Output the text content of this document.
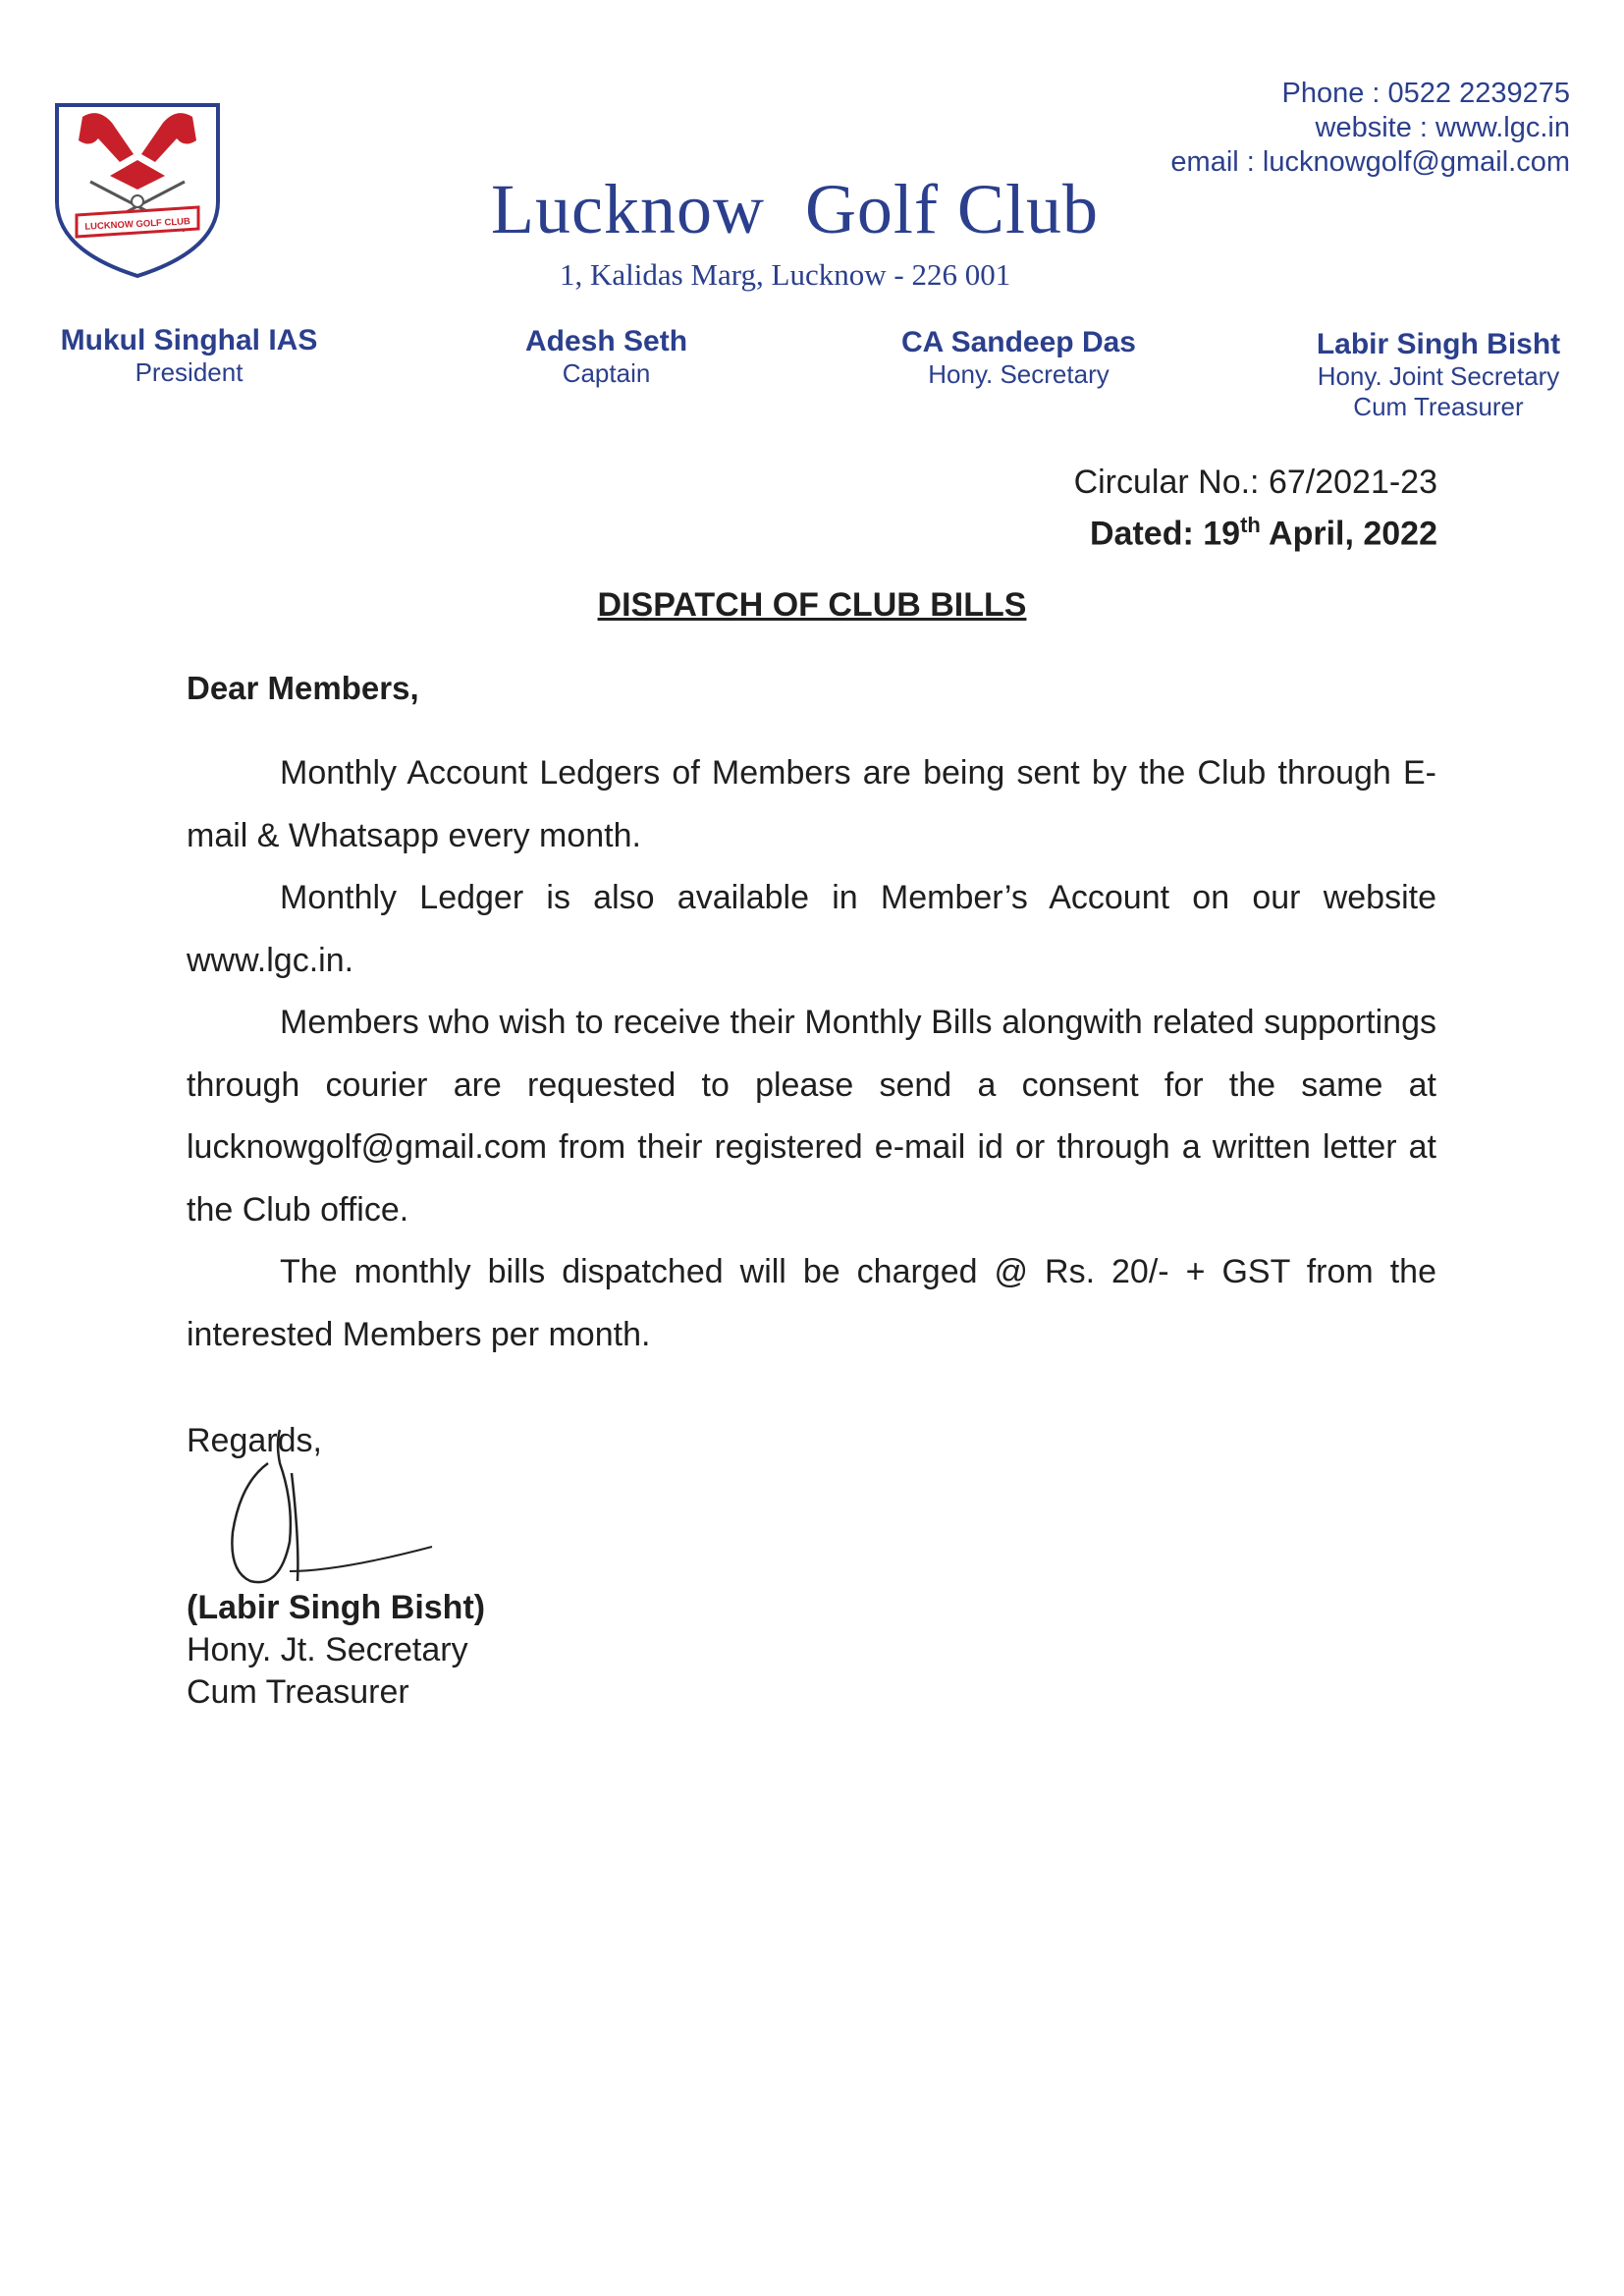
LUCKNOW GOLF CLUB
Phone : 0522 2239275
website : www.lgc.in
email : lucknowgolf@gmail.com
Lucknow Golf Club
1, Kalidas Marg, Lucknow - 226 001
Mukul Singhal IAS
President
Adesh Seth
Captain
CA Sandeep Das
Hony. Secretary
Labir Singh Bisht
Hony. Joint Secretary
Cum Treasurer
Circular No.: 67/2021-23
Dated: 19th April, 2022
DISPATCH OF CLUB BILLS
Dear Members,

Monthly Account Ledgers of Members are being sent by the Club through E-mail & Whatsapp every month.

Monthly Ledger is also available in Member’s Account on our website www.lgc.in.

Members who wish to receive their Monthly Bills alongwith related supportings through courier are requested to please send a consent for the same at lucknowgolf@gmail.com from their registered e-mail id or through a written letter at the Club office.

The monthly bills dispatched will be charged @ Rs. 20/- + GST from the interested Members per month.

Regards,
(Labir Singh Bisht)
Hony. Jt. Secretary
Cum Treasurer
